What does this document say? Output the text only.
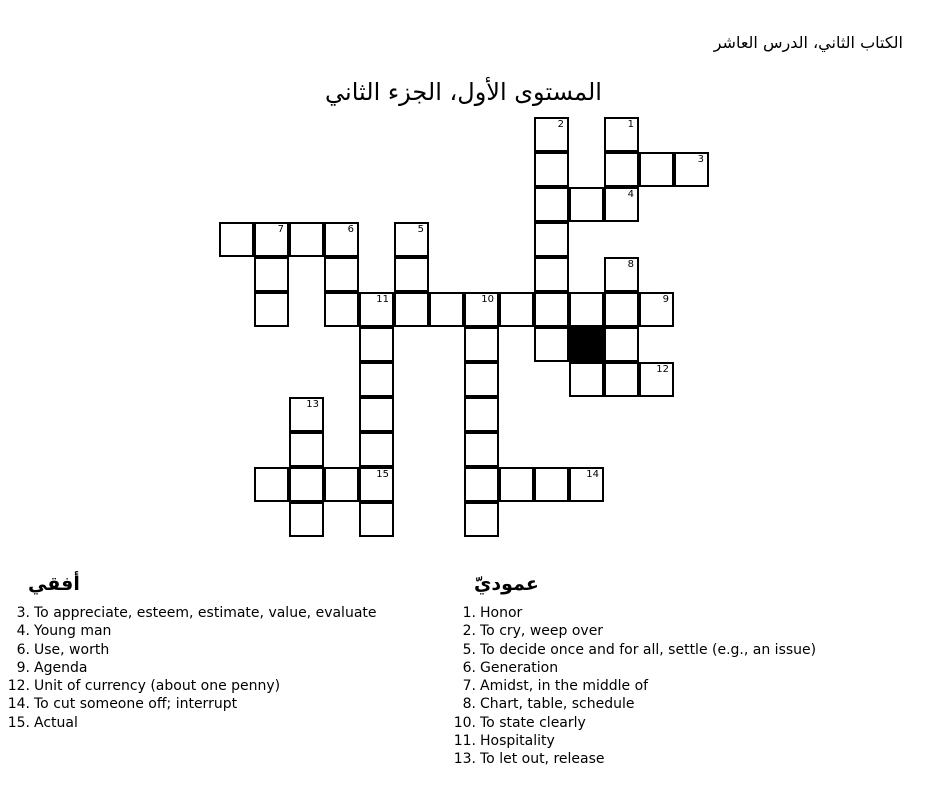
الكتاب الثاني، الدرس العاشر
المستوى الأول، الجزء الثاني
2	1
3
4
7	6	5
8
11	10	9
12
13
15	14
أفقي
3. To appreciate, esteem, estimate, value, evaluate
4. Young man
6. Use, worth
9. Agenda
12. Unit of currency (about one penny)
14. To cut someone off; interrupt
15. Actual
عموديّ
1. Honor
2. To cry, weep over
5. To decide once and for all, settle (e.g., an issue)
6. Generation
7. Amidst, in the middle of
8. Chart, table, schedule
10. To state clearly
11. Hospitality
13. To let out, release
